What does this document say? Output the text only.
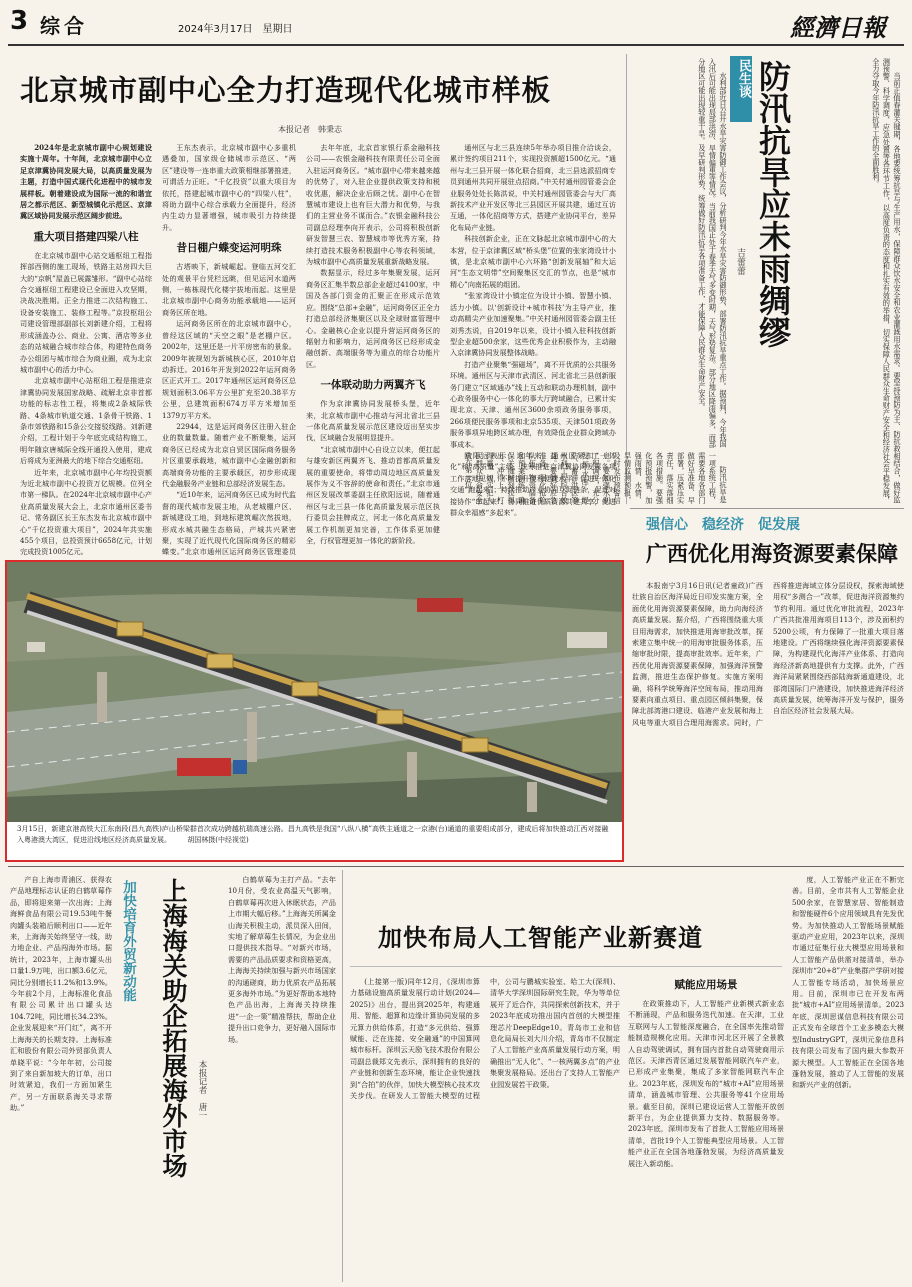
3 综合	2024年3月17日　星期日	經濟日報
北京城市副中心全力打造现代化城市样板
本报记者　韩秉志

2024年是北京城市副中心规划建设实施十周年。十年间，北京城市副中心立足京津冀协同发展大局，以高质量发展为主题，打造中国式现代化进程中的城市发展样板。朝着建设成为国际一流的和谐宜居之都示范区、新型城镇化示范区、京津冀区域协同发展示范区阔步前进。

重大项目搭建四梁八柱

在北京城市副中心站交通枢纽工程指挥部西侧的施工现场，铁路主站房四大巨大的“京帆”屋盖已展露雏形。“副中心站综合交通枢纽工程建设已全面进入攻坚期，决战决胜期。正全力推进二次结构施工、设备安装施工、装修工程等。”京投枢纽公司建设管理部副部长刘新建介绍，工程将形成涵盖办公、商业、公寓、酒店等多业态的站城融合城市综合体，构建特色商务办公组团与城市综合为商业圈，成为北京城市副中心的活力中心。

北京城市副中心站枢纽工程是推进京津冀协同发展国家战略、疏解北京非首都功能的标志性工程，将集成2条城际铁路、4条城市轨道交通、1条骨干铁路、1条市郊铁路和15条公交接驳线路。刘新建介绍，工程计划于今年底完成结构施工，明年随京唐城际全线开通投入使用，建成后将成为亚洲最大的地下综合交通枢纽。

近年来，北京城市副中心年均投资额为近北城市副中心投资万亿规模。位列全市第一梯队。在2024年北京城市副中心产业高质量发展大会上，北京市通州区委书记、常务副区长王东杰发布北京城市副中心“千亿投资重大项目”，2024年共实施455个项目，总投资预计6658亿元，计划完成投资1005亿元。

王东杰表示，北京城市副中心多重机遇叠加，国家级仓储城市示范区、“两区”建设等一连串重大政策相继部署推进，可谓活力正旺。“千亿投资”以重大项目为依托，搭建起城市副中心的“四梁八柱”，将助力副中心综合承载力全面提升，经济内生动力显著增强，城市吸引力持续提升。

昔日棚户蝶变运河明珠

古塔映下，新城崛起。登临五河交汇处的观景平台凭栏远眺，但见运河水道两侧，一栋栋现代化楼宇拔地而起。这里是北京城市副中心商务功能承载地——运河商务区所在地。

运河商务区所在的北京城市副中心，曾经这区域的“天空之眼”是老棚户区。2002年，这里还是一片平房密布的景象。2009年被规划为新城核心区，2010年启动拆迁。2016年开发到2022年运河商务区正式开工。2017年通州区运河商务区总规划面积3.06平方公里扩充至20.38平方公里，总建筑面积674万平方米增加至1379万平方米。

22944，这是运河商务区注册入驻企业的数量数量。随着产业不断聚集，运河商务区已经成为北京自贸区国际商务服务片区重要承载地，城市副中心金融创新和高端商务功能的主要承载区，初步形成现代金融服务产业链和总部经济发展生态。

“近10年来，运河商务区已成为时代监督的现代城市发展主地，从老城棚户区、新城建设工地，到地标建筑崛次然拔地，形成水城共融生态格局，产城共兴紧密聚，实现了近代现代化国际商务区的精彩蝶变。”北京市通州区运河商务区管理委员

去年年底，北京首家银行系金融科技公司——农银金融科技有限责任公司全面入驻运河商务区。“城市副中心带来越来越的优势了，对入驻企业提供政策支持和税收优惠，解决企业后顾之忧。副中心在智慧城市建设上也有巨大潜力和优势，与我们的主营业务不谋而合。”农银金融科技公司副总经理李向开表示，公司将积极创新研发智慧三农、智慧城市等优秀方案，持续打造技术服务积极副中心等农科领域，为城市副中心高质量发展重新战略发展。

数据显示，经过多年集聚发展，运河商务区汇集半数总部企业超过4100家，中国及各部门资金的汇聚正在形成示范效应。围绕“总部+金融”，运河商务区正全力打造总部经济集聚区以及全球财富管理中心。金融核心企业以提升营运河商务区的辐射力和影响力，运河商务区已经形成金融创新、高端服务等为重点的综合功能片区。

一体联动助力两翼齐飞

作为京津冀协同发展桥头堡，近年来，北京城市副中心推动与河北省北三县一体化高质量发展示范区建设迈出坚实步伐，区域融合发展明显提升。

“北京城市副中心自设立以来，便扛起与雄安新区两翼齐飞、推动首都高质量发展的重要使命，将带动周边地区高质量发展作为义不容辞的使命和责任。”北京市通州区发展改革委副主任欧阳远说，随着通州区与北三县一体化高质量发展示范区执行委员会挂牌成立，河北一体化高质量发展工作机制更加完善，工作体系更加健全，行权管理更加一体化的新阶段。

通州区与北三县连续5年举办项目推介洽谈会，累计签约项目211个，实现投资额超1500亿元。“通州与北三县开展一体化联合招商，北三县选派招商专员到通州共同开展驻点招商。”中关村通州园管委会企业服务处处长陈洪说，中关村通州园管委会与大厂高新技术产业开发区等北三县园区开展共建，通过互访互通，一体化招商等方式，搭建产业协同平台，差异化布局产业链。

科技创新企业，正在文脉起北京城市副中心的大本营，位于京津冀区域“桥头堡”位置的张家湾设计小镇，是北京城市副中心六环路“创新发展轴”和大运河“生态文明带”空间聚集区交汇的节点，也是“城市精心”向南拓展的组团。

“张家湾设计小镇定位为设计小镇、智慧小镇、活力小镇。以‘创新设计+城市科技’为主导产业，推动高精尖产业加速聚集。”中关村通州园管委会副主任刘秀杰说，自2019年以来，设计小镇入驻科技创新型企业超500余家，这些优秀企业积极作为，主动融入京津冀协同发展整体战略。

打造产业聚集“强磁场”，离不开优质的公共服务环境。通州区与天津市武清区、河北省北三县创新服务门建立“区域通办”线上互动和联动办理机制，副中心政务服务中心一体化的事大厅跨域融合，已累计实现北京、天津、通州区3600余项政务服务事项，266项便民服务事项和北京535项、天津501项政务服务事项异地跨区域办理，有效降低企业群众跨域办事成本。

欧阳远表示，近年来，通州区紧扣“一体化”和“高质量”主线，统筹推进京津冀协同发展各项工作落地见效，不断提升便利便捷水平，促进一体化交通“跑起来”；持续推动产业协同互促链条，促进对接协作“串起来”；协同推进优质资源共建共享，促进群众幸福感“多起来”。

3月15日，新建京港高铁大江东南段(昌九高铁)庐山桥梁群首次成功跨越杭瑞高速公路。昌九高铁是我国“八纵八横”高铁主通道之一京港(台)通道的重要组成部分，建成后将加快推动江西对接融入粤港澳大湾区，促进沿线地区经济高质量发展。 胡国林摄(中经视觉)

水利部近日召开水旱灾害防御工作会议，分析研判今年水旱灾害防御形势，部署防汛抗旱重点工作。据预判，今年我国入汛后可能出现局部洪涝、旱情偏重等情况。当前我国正处于春季天气多变时期，天气形势复杂。部分地区降雨偏多，而部分地区可能出现较重干旱。及早研判形势，统筹做好防汛抗旱各项准备工作，才能保障人民群众生命财产安全。	民生谈 防汛抗旱应未雨绸缪
吉蕾蕾

防汛抗旱是一项系统工程，需要各地各部门做好早准备、早部署，压紧压实责任，落实落细各项措施。要强化预报预警，加强雨情、水情、旱情监测预报，及时发布预警信息。要加强水利工程调度，充分发挥水库、堤防、蓄滞洪区等水利工程综合效益。要做好应急准备，强化抢险队伍、物资储备和预案演练，确保关键时刻拉得出、冲得上、打得赢，切实把人民群众生命安全放在第一位。	当前正值春灌关键期，各地要统筹抗旱与生产用水，保障群众饮水安全和农业灌溉用水需求。要坚持预防为主、防抗救相结合，做好监测预警、科学调度、应急处置等各环节工作，以高度负责的态度和扎实有效的举措，切实保障人民群众生命财产安全和经济社会平稳发展，全力夺取今年防汛抗旱工作的全面胜利。

强信心　稳经济　促发展
广西优化用海资源要素保障

本报南宁3月16日讯(记者童政)广西壮族自治区海洋局近日印发实施方案，全面优化用海资源要素保障，助力向海经济高质量发展。据介绍，广西将围绕重大项目用海需求，加快推进用海审批改革，探索建立集中统一的用海审批服务体系，压缩审批时限，提高审批效率。近年来，广西优化用海资源要素保障，加强海洋预警监测，推进生态保护修复。实施方案明确，将科学统筹海洋空间布局，推动用海要素向重点项目、重点园区倾斜集聚，保障北部湾港口建设、临港产业发展和海上风电等重大项目合理用海需求。同时，广西将推进海域立体分层设权，探索海域使用权“多测合一”改革，促进海洋资源集约节约利用。通过优化审批流程，2023年广西共批准用海项目113个，涉及面积约5200公顷，有力保障了一批重大项目落地建设。广西将继续强化海洋资源要素保障，为构建现代化海洋产业体系、打造向海经济新高地提供有力支撑。此外，广西海洋局紧紧围绕西部陆海新通道建设，北部湾国际门户港建设，加快推进海洋经济高质量发展，统筹海洋开发与保护，服务自治区经济社会发展大局。

产自上海市青浦区、获得农产品地理标志认证的白鹤草莓作品，即将迎来第一次出海；上海海鲜食品有限公司19.53吨牛餐肉罐头装箱后顺利出口——近年来，上海海关始终坚守一线，助力地企业、产品闯海外市场。据统计，2023年，上海市罐头出口量1.9万吨，出口额3.6亿元，同比分别增长11.2%和13.9%。今年前2个月，上海标准化食品有限公司累计出口罐头达104.72吨，同比增长34.23%。企业发展迎来“开门红”，离不开上海海关的长期支持。上海标准汇和股份有限公司外贸部负责人单晓平说：“今年年初，公司接到了来自新加坡大的订单，出口时效紧迫，我们一方面加紧生产，另一方面联系海关寻求帮助。”

加快培育外贸新动能 上海海关助企拓展海外市场 本报记者　唐一

白鹤草莓为主打产品。“去年10月份，受农业高温天气影响，白鹤草莓再次进入休眠状态，产品上市期大幅后移。”上海海关所属金山海关积极主动，派员深入田间，实地了解草莓生长情况，为企业出口提供技术指导。“对新兴市场，需要的产品品质要求和资格更高，上海海关持续加强与新兴市场国家的沟通磋商，助力优质农产品拓展更多海外市场。”为更好帮助本地特色产品出海，上海海关持续推进“一企一策”精准帮扶，帮助企业提升出口竞争力，更好融入国际市场。

加快布局人工智能产业新赛道

(上接第一版)同年12月，《深圳市算力基础设施高质量发展行动计划(2024—2025)》出台，提出到2025年，构建通用、智能、超算和边缘计算协同发展的多元算力供给体系，打造“多元供给、强算赋能、泛在连接、安全融通”的中国算网城市标杆。深圳云天励飞技术股份有限公司副总裁郑文先表示，深圳拥有的良好的产业链和创新生态环境，能让企业快速找到“合拍”的伙伴，加快大模型核心技术攻关步伐。在研发人工智能大模型的过程中，公司与鹏城实验室、哈工大(深圳)、清华大学深圳国际研究生院，华为等单位展开了近合作，共同探索创新技术，并于2023年底成功推出国内首创的大模型推理芯片DeepEdge10。青岛市工业和信息化局局长刘大川介绍，青岛市不仅制定了人工智能产业高质量发展行动方案，明确推出“无人化”、“一核两翼多点”的产业集聚发展格局。还出台了支持人工智能产业园发展若干政策。

赋能应用场景

在政策推动下，人工智能产业新模式新业态不断涌现，产品和服务迭代加速。在天津，工业互联网与人工智能深度融合，在全国率先推动智能制造规模化应用。天津市河北区开展了全景教人自动驾驶调试，拥有国内首批自动驾驶商用示范区。天津西青区通过发展智能网联汽车产业，已形成产业集聚，集成了多家智能网联汽车企业。2023年底，深圳发布的“城市+AI”应用场景清单，涵盖城市管理、公共服务等41个应用场景。截至目前，深圳已建设运营人工智能开放创新平台，为企业提供算力支持、数据服务等。2023年底，深圳市发布了首批人工智能应用场景清单，首批19个人工智能典型应用场景。人工智能产业正在全国各地蓬勃发展，为经济高质量发展注入新动能。

度，人工智能产业正在不断完善。目前，全市共有人工智能企业500余家，在智慧家居、智能制造和智能硬件6个应用领域具有先发优势。为加快推动人工智能场景赋能驱动产业应用，2023年以来，深圳市通过征集行业大模型应用场景和人工智能产品供需对接清单，举办深圳市“20+8”产业集群产学研对接人工智能专场活动，加快场景应用。目前，深圳市已在开发布两批“城市+AI”应用场景清单。2023年底，深圳思谋信息科技有限公司正式发布全球首个工业多模态大模型IndustryGPT，深圳元象信息科技有限公司发布了国内最大参数开源大模型。人工智能正在全国各地蓬勃发展，推动了人工智能的发展和新兴产业的创新。
